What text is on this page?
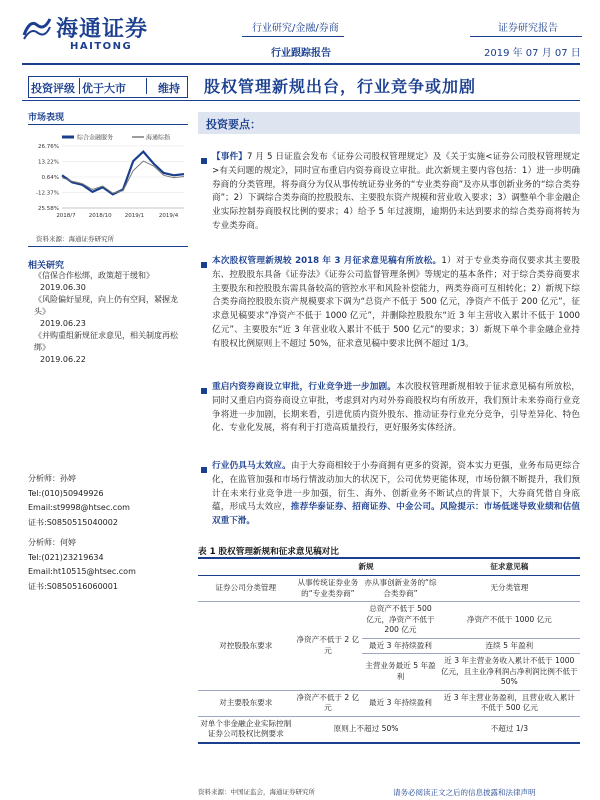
海通证券
HAITONG
行业研究/金融/券商
行业跟踪报告
证券研究报告
2019 年 07 月 07 日
投资评级 优于大市	维持 股权管理新规出台，行业竞争或加剧
市场表现
综合金融服务	海通综指
26.76%
13.22%
0.64%
-12.37%
25.58%
2018/7 2018/10 2019/1	2019/4
资料来源：海通证券研究所
相关研究
《信保合作松绑，政策超于缓和》
2019.06.30
《风险偏好显现，向上仍有空间，紧握龙头》
2019.06.23
《并购重组新规征求意见，相关制度再松绑》
2019.06.22
分析师：孙婷
Tel:(010)50949926
Email:st9998@htsec.com
证书:S0850515040002
分析师：何婷
Tel:(021)23219634
Email:ht10515@htsec.com
证书:S0850516060001
投资要点：
【事件】7 月 5 日证监会发布《证券公司股权管理规定》及《关于实施<证券公司股权管理规定>有关问题的规定》，同时宣布重启内资券商设立审批。此次新规主要内容包括：1）进一步明确券商的分类管理，将券商分为仅从事传统证券业务的“专业类券商”及亦从事创新业务的“综合类券商”；2）下调综合类券商的控股股东、主要股东资产规模和营业收入要求；3）调整单个非金融企业实际控制券商股权比例的要求；4）给予 5 年过渡期，逾期仍未达到要求的综合类券商将转为专业类券商。
本次股权管理新规较 2018 年 3 月征求意见稿有所放松。1）对于专业类券商仅要求其主要股东、控股股东具备《证券法》《证券公司监督管理条例》等规定的基本条件；对于综合类券商要求主要股东和控股股东需具备较高的管控水平和风险补偿能力，两类券商可互相转化；2）新规下综合类券商控股股东资产规模要求下调为“总资产不低于 500 亿元，净资产不低于 200 亿元”，征求意见稿要求“净资产不低于 1000 亿元”，并删除控股股东“近 3 年主营收入累计不低于 1000 亿元”、主要股东“近 3 年营业收入累计不低于 500 亿元”的要求；3）新规下单个非金融企业持有股权比例原则上不超过 50%，征求意见稿中要求比例不超过 1/3。
重启内资券商设立审批，行业竞争进一步加剧。本次股权管理新规相较于征求意见稿有所放松，同时又重启内资券商设立审批，考虑到对内对外券商股权均有所放开，我们预计未来券商行业竞争将进一步加剧，长期来看，引进优质内资外股东、推动证券行业充分竞争，引导差异化、特色化、专业化发展，将有利于打造高质量投行，更好服务实体经济。
行业仍具马太效应。由于大券商相较于小券商拥有更多的资源，资本实力更强，业务布局更综合化，在监管加强和市场行情波动加大的状况下，公司优势更能体现，市场份额不断提升，我们预计在未来行业竞争进一步加强，衍生、海外、创新业务不断试点的背景下，大券商凭借自身底蕴，形成马太效应，推荐华泰证券、招商证券、中金公司。风险提示：市场低迷导致业绩和估值双重下滑。
表 1 股权管理新规和征求意见稿对比
	新规		征求意见稿
证券公司分类管理	从事传统证券业务的“专业类券商”	亦从事创新业务的“综合类券商”	无分类管理
对控股股东要求	净资产不低于 2 亿元	总资产不低于 500 亿元，净资产不低于 200 亿元	净资产不低于 1000 亿元
		最近 3 年持续盈利	连续 5 年盈利
		主营业务最近 5 年盈利	近 3 年主营业务收入累计不低于 1000 亿元，且主业净利润占净利润比例不低于 50%
对主要股东要求	净资产不低于 2 亿元	最近 3 年持续盈利	近 3 年主营业务盈利，且营业收入累计不低于 500 亿元
对单个非金融企业实际控制证券公司股权比例要求	原则上不超过 50%		不超过 1/3
资料来源：中国证监会，海通证券研究所	请务必阅读正文之后的信息披露和法律声明
